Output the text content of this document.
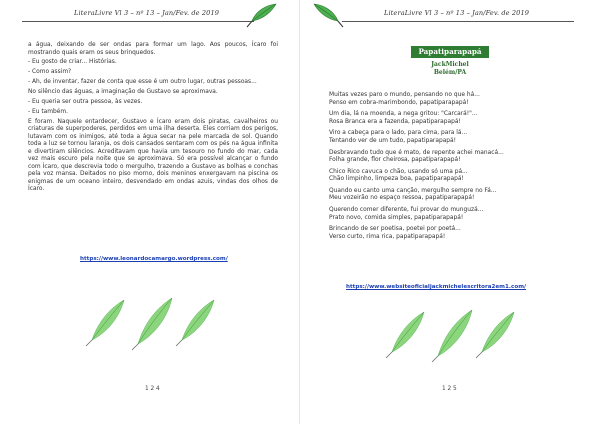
LiteraLivre Vl 3 – nº 13 – Jan/Fev. de 2019

a água, deixando de ser ondas para formar um lago. Aos poucos, Ícaro foi mostrando quais eram os seus brinquedos.

- Eu gosto de criar... Histórias.

- Como assim?

- Ah, de inventar, fazer de conta que esse é um outro lugar, outras pessoas...

No silêncio das águas, a imaginação de Gustavo se aproximava.

- Eu queria ser outra pessoa, às vezes.

- Eu também.

E foram. Naquele entardecer, Gustavo e Ícaro eram dois piratas, cavalheiros ou criaturas de superpoderes, perdidos em uma ilha deserta. Eles corriam dos perigos, lutavam com os inimigos, até toda a água secar na pele marcada de sol. Quando toda a luz se tornou laranja, os dois cansados sentaram com os pés na água infinita e divertiram silêncios. Acreditavam que havia um tesouro no fundo do mar, cada vez mais escuro pela noite que se aproximava. Só era possível alcançar o fundo com Ícaro, que descrevia todo o mergulho, trazendo a Gustavo as bolhas e conchas pela voz mansa. Deitados no piso morno, dois meninos enxergavam na piscina os enigmas de um oceano inteiro, desvendado em ondas azuis, vindas dos olhos de Ícaro.

https://www.leonardocamargo.wordpress.com/
1 2 4
LiteraLivre Vl 3 – nº 13 – Jan/Fev. de 2019
Papatiparapapá
JackMichel
Belém/PA
Muitas vezes paro o mundo, pensando no que há...
Penso em cobra-marimbondo, papatiparapapá!
Um dia, lá na moenda, a nega gritou: "Carcará!"...
Rosa Branca era a fazenda, papatiparapapá!
Viro a cabeça para o lado, para cima, para lá...
Tentando ver de um tudo, papatiparapapá!
Desbravando tudo que é mato, de repente achei manacá...
Folha grande, flor cheirosa, papatiparapapá!
Chico Rico cavuca o chão, usando só uma pá...
Chão limpinho, limpeza boa, papatiparapapá!
Quando eu canto uma canção, mergulho sempre no Fá...
Meu vozeirão no espaço ressoa, papatiparapapá!
Querendo comer diferente, fui provar do munguzá...
Prato novo, comida simples, papatiparapapá!
Brincando de ser poetisa, poetei por poetá...
Verso curto, rima rica, papatiparapapá!
https://www.websiteoficialjackmichelescritora2em1.com/
1 2 5
